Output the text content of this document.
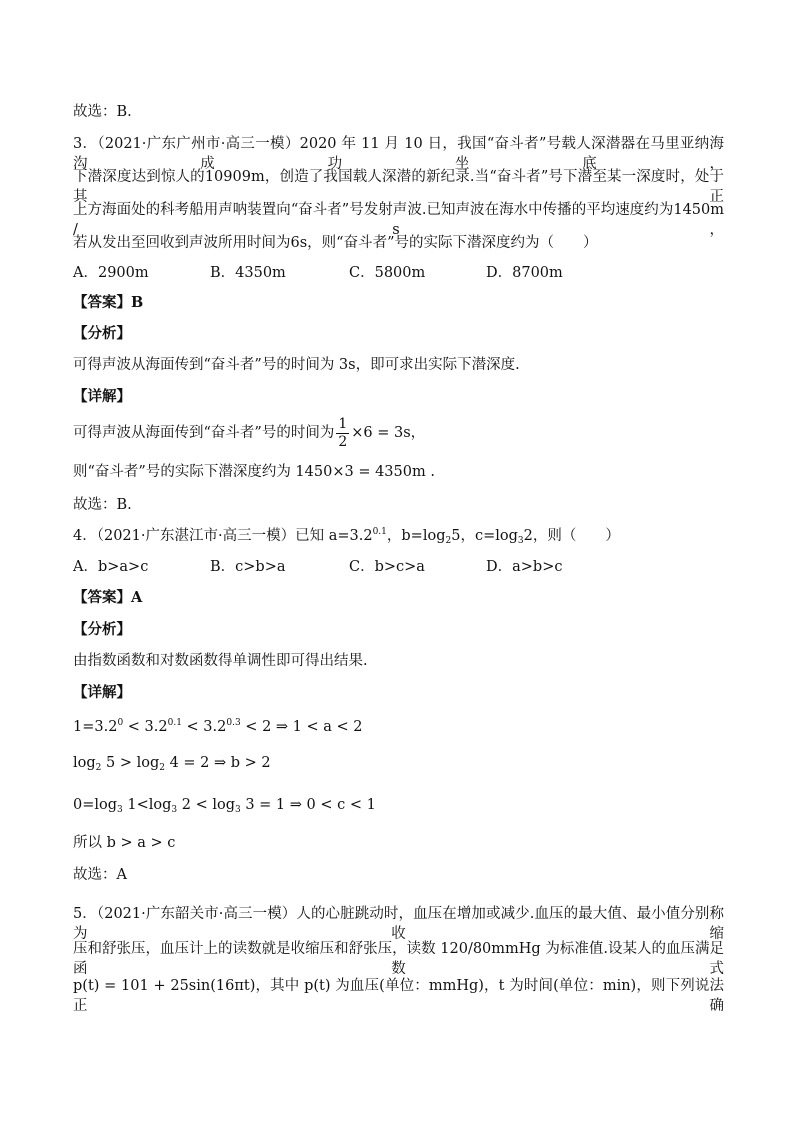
故选：B.
3．（2021·广东广州市·高三一模）2020 年 11 月 10 日，我国“奋斗者”号载人深潜器在马里亚纳海沟成功坐底，
下潜深度达到惊人的10909m，创造了我国载人深潜的新纪录.当“奋斗者”号下潜至某一深度时，处于其正
上方海面处的科考船用声呐装置向“奋斗者”号发射声波.已知声波在海水中传播的平均速度约为1450m / s，
若从发出至回收到声波所用时间为6s，则“奋斗者”号的实际下潜深度约为（　　）
A．2900m	B．4350m	C．5800m	D．8700m
【答案】B
【分析】
可得声波从海面传到“奋斗者”号的时间为 3s，即可求出实际下潜深度.
【详解】
可得声波从海面传到“奋斗者”号的时间为 $\frac{1}{2} \times 6 = 3s$，
则“奋斗者”号的实际下潜深度约为 1450×3 = 4350m .
故选：B.
4．（2021·广东湛江市·高三一模）已知 $a=3.2^{0.1}$，$b=\log_25$，$c=\log_32$，则（　　）
A．b>a>c	B．c>b>a	C．b>c>a	D．a>b>c
【答案】A
【分析】
由指数函数和对数函数得单调性即可得出结果.
【详解】
$1=3.2^0 < 3.2^{0.1} < 3.2^{0.3} < 2$ ⇒ 1 < a < 2
$\log_2 5 > \log_2 4 = 2$ ⇒ b > 2
$0=\log_3$ $1<\log_3$ $2 < \log_3 3 = 1$ ⇒ 0 < c < 1
所以 b > a > c
故选：A
5．（2021·广东韶关市·高三一模）人的心脏跳动时，血压在增加或减少.血压的最大值、最小值分别称为收缩
压和舒张压，血压计上的读数就是收缩压和舒张压，读数 120/80mmHg 为标准值.设某人的血压满足函数式
p(t) = 101 + 25sin(16πt)，其中 p(t) 为血压(单位：mmHg)，t 为时间(单位：min)，则下列说法正确
